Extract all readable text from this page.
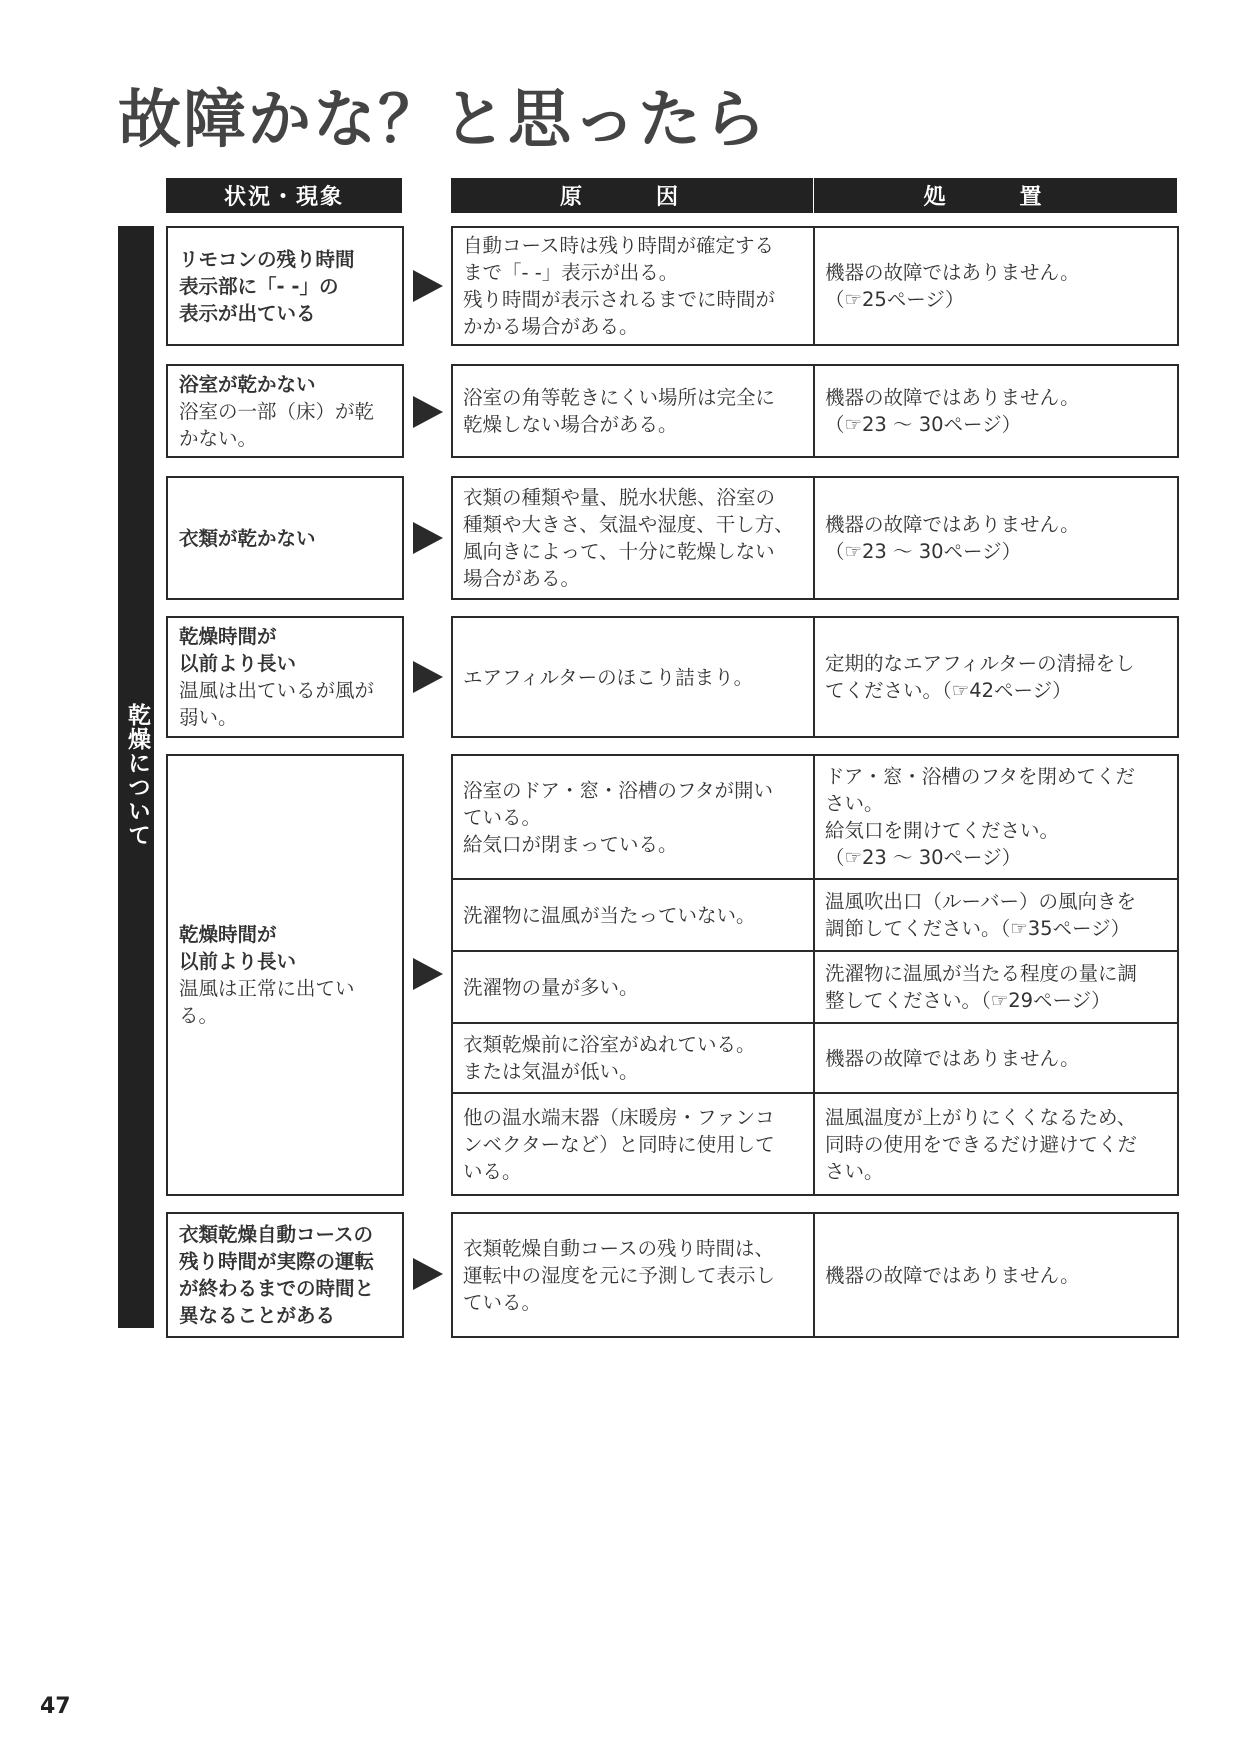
故障かな？と思ったら
状況・現象	原　因	処　置
乾燥について
リモコンの残り時間
表示部に「- -」の
表示が出ている
自動コース時は残り時間が確定する
まで「- -」表示が出る。
残り時間が表示されるまでに時間が
かかる場合がある。
機器の故障ではありません。
（☞25ページ）
浴室が乾かない
浴室の一部（床）が乾
かない。
浴室の角等乾きにくい場所は完全に
乾燥しない場合がある。
機器の故障ではありません。
（☞23 ～ 30ページ）
衣類が乾かない
衣類の種類や量、脱水状態、浴室の
種類や大きさ、気温や湿度、干し方、
風向きによって、十分に乾燥しない
場合がある。
機器の故障ではありません。
（☞23 ～ 30ページ）
乾燥時間が
以前より長い
温風は出ているが風が
弱い。
エアフィルターのほこり詰まり。
定期的なエアフィルターの清掃をし
てください。（☞42ページ）
乾燥時間が
以前より長い
温風は正常に出ている。
浴室のドア・窓・浴槽のフタが開い
ている。
給気口が閉まっている。
ドア・窓・浴槽のフタを閉めてくだ
さい。
給気口を開けてください。
（☞23 ～ 30ページ）
洗濯物に温風が当たっていない。
温風吹出口（ルーバー）の風向きを
調節してください。（☞35ページ）
洗濯物の量が多い。
洗濯物に温風が当たる程度の量に調
整してください。（☞29ページ）
衣類乾燥前に浴室がぬれている。
または気温が低い。
機器の故障ではありません。
他の温水端末器（床暖房・ファンコ
ンベクターなど）と同時に使用して
いる。
温風温度が上がりにくくなるため、
同時の使用をできるだけ避けてくだ
さい。
衣類乾燥自動コースの
残り時間が実際の運転
が終わるまでの時間と
異なることがある
衣類乾燥自動コースの残り時間は、
運転中の湿度を元に予測して表示し
ている。
機器の故障ではありません。
47
